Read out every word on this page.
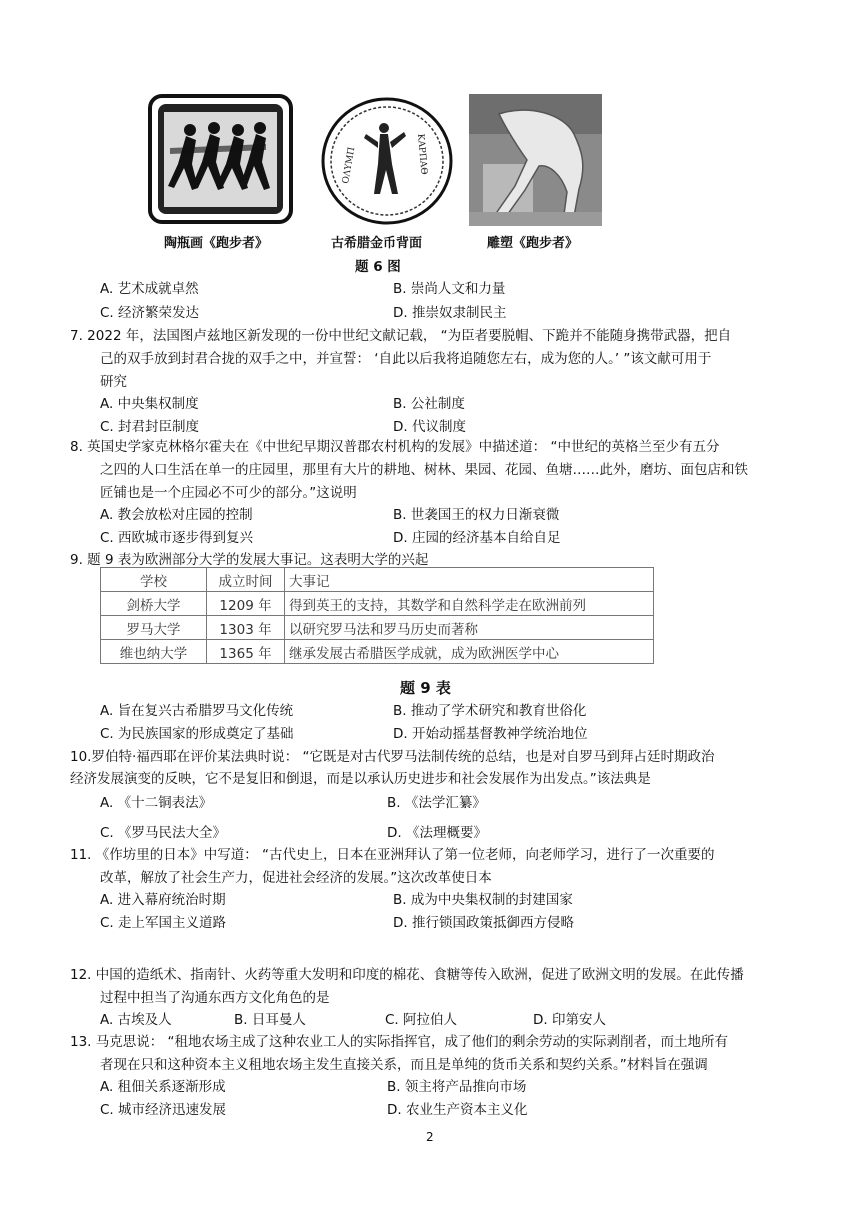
ΟΛΥΜΠ	ΚΑΡΠΑΘ
陶瓶画《跑步者》	古希腊金币背面	雕塑《跑步者》
题 6 图
A. 艺术成就卓然	B. 崇尚人文和力量
C. 经济繁荣发达	D. 推崇奴隶制民主
7. 2022 年，法国图卢兹地区新发现的一份中世纪文献记载， “为臣者要脱帽、下跪并不能随身携带武器，把自
己的双手放到封君合拢的双手之中，并宣誓： ‘自此以后我将追随您左右，成为您的人。’ ”该文献可用于
研究
A. 中央集权制度	B. 公社制度
C. 封君封臣制度	D. 代议制度
8. 英国史学家克林格尔霍夫在《中世纪早期汉普郡农村机构的发展》中描述道： “中世纪的英格兰至少有五分
之四的人口生活在单一的庄园里，那里有大片的耕地、树林、果园、花园、鱼塘……此外，磨坊、面包店和铁
匠铺也是一个庄园必不可少的部分。”这说明
A. 教会放松对庄园的控制	B. 世袭国王的权力日渐衰微
C. 西欧城市逐步得到复兴	D. 庄园的经济基本自给自足
9. 题 9 表为欧洲部分大学的发展大事记。这表明大学的兴起
学校	成立时间	大事记
剑桥大学	1209 年	得到英王的支持，其数学和自然科学走在欧洲前列
罗马大学	1303 年	以研究罗马法和罗马历史而著称
维也纳大学	1365 年	继承发展古希腊医学成就，成为欧洲医学中心
题 9 表
A. 旨在复兴古希腊罗马文化传统	B. 推动了学术研究和教育世俗化
C. 为民族国家的形成奠定了基础	D. 开始动摇基督教神学统治地位
10.罗伯特·福西耶在评价某法典时说： “它既是对古代罗马法制传统的总结，也是对自罗马到拜占廷时期政治
经济发展演变的反映，它不是复旧和倒退，而是以承认历史进步和社会发展作为出发点。”该法典是
A. 《十二铜表法》	B. 《法学汇纂》
C. 《罗马民法大全》	D. 《法理概要》
11. 《作坊里的日本》中写道： “古代史上，日本在亚洲拜认了第一位老师，向老师学习，进行了一次重要的
改革，解放了社会生产力，促进社会经济的发展。”这次改革使日本
A. 进入幕府统治时期	B. 成为中央集权制的封建国家
C. 走上军国主义道路	D. 推行锁国政策抵御西方侵略
12. 中国的造纸术、指南针、火药等重大发明和印度的棉花、食糖等传入欧洲，促进了欧洲文明的发展。在此传播
过程中担当了沟通东西方文化角色的是
A. 古埃及人	B. 日耳曼人	C. 阿拉伯人	D. 印第安人
13. 马克思说： “租地农场主成了这种农业工人的实际指挥官，成了他们的剩余劳动的实际剥削者，而土地所有
者现在只和这种资本主义租地农场主发生直接关系，而且是单纯的货币关系和契约关系。”材料旨在强调
A. 租佃关系逐渐形成	B. 领主将产品推向市场
C. 城市经济迅速发展	D. 农业生产资本主义化
2
